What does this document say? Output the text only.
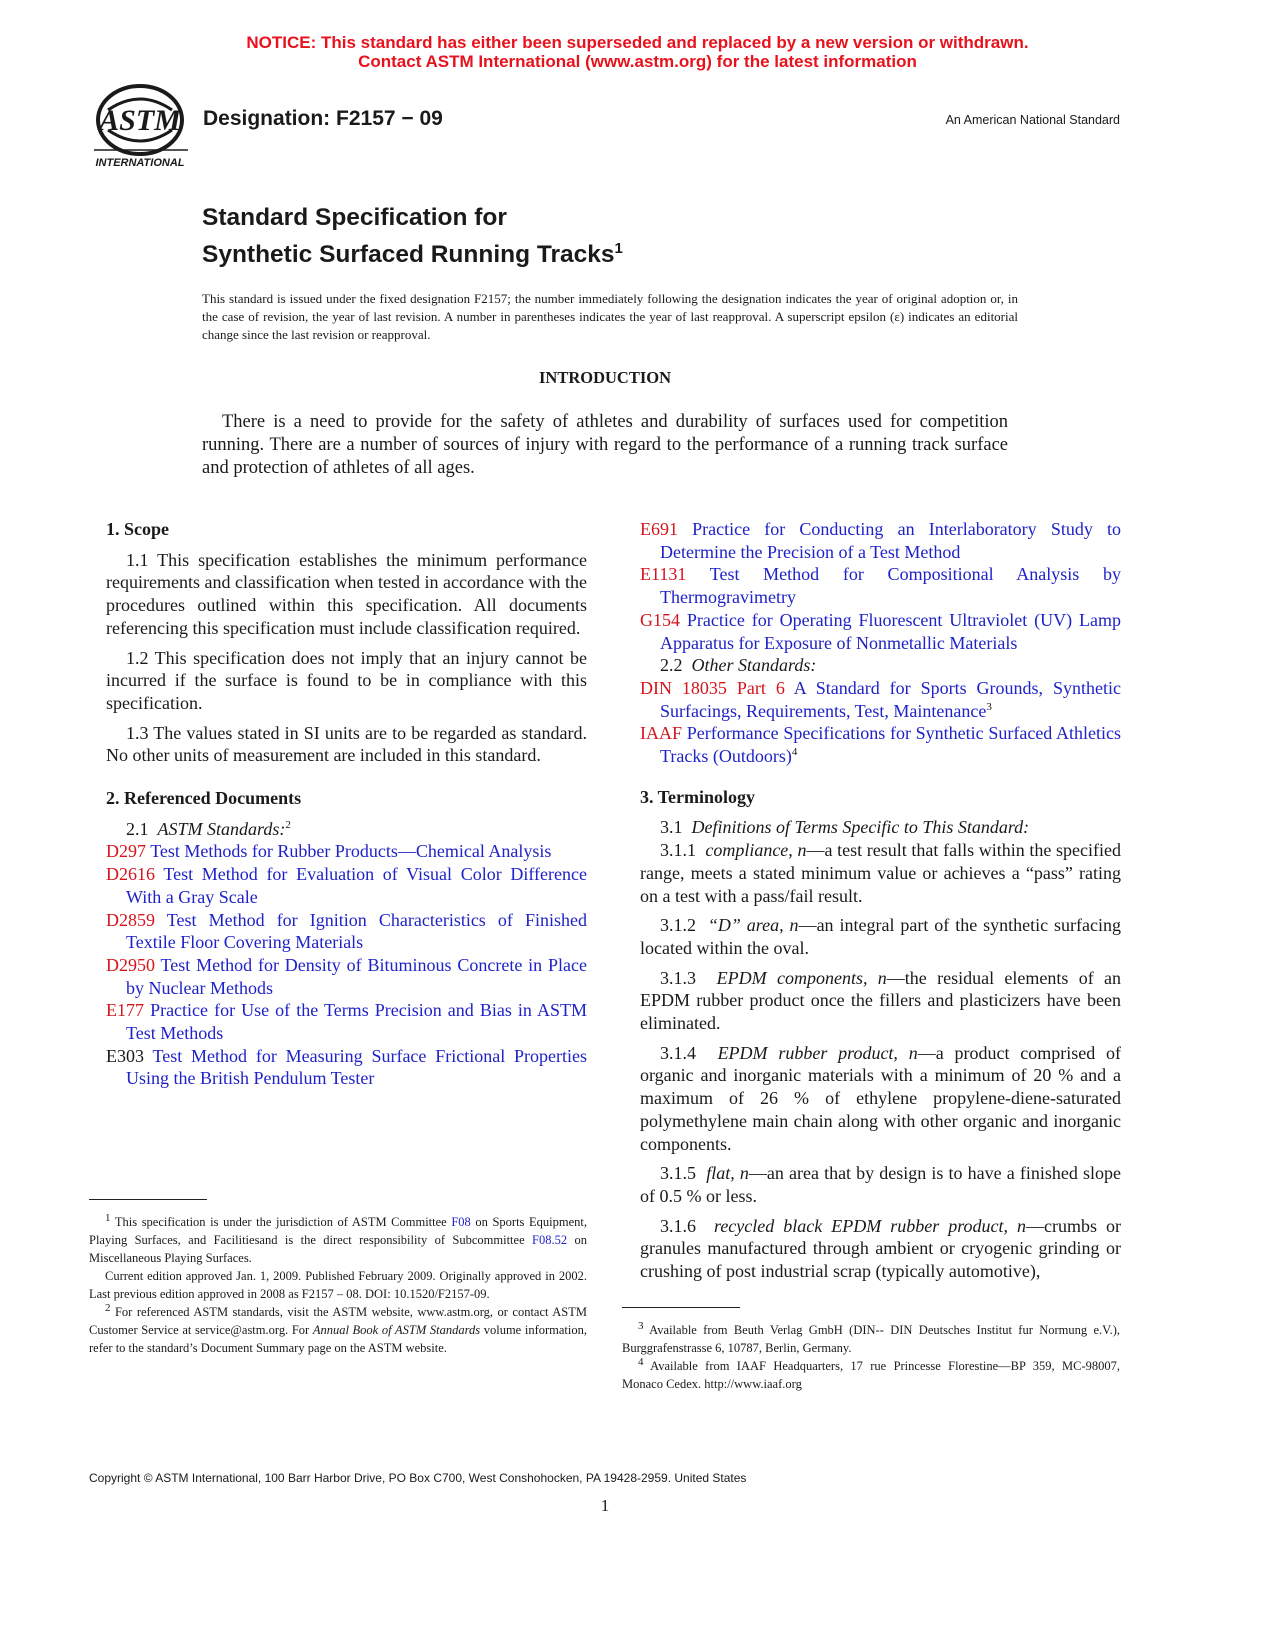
NOTICE: This standard has either been superseded and replaced by a new version or withdrawn.
Contact ASTM International (www.astm.org) for the latest information
ASTM
INTERNATIONAL
Designation: F2157 − 09	An American National Standard
Standard Specification for
Synthetic Surfaced Running Tracks$^1$
This standard is issued under the fixed designation F2157; the number immediately following the designation indicates the year of original adoption or, in the case of revision, the year of last revision. A number in parentheses indicates the year of last reapproval. A superscript epsilon (ε) indicates an editorial change since the last revision or reapproval.
INTRODUCTION
There is a need to provide for the safety of athletes and durability of surfaces used for competition running. There are a number of sources of injury with regard to the performance of a running track surface and protection of athletes of all ages.
1. Scope
1.1 This specification establishes the minimum performance requirements and classification when tested in accordance with the procedures outlined within this specification. All documents referencing this specification must include classification required.
1.2 This specification does not imply that an injury cannot be incurred if the surface is found to be in compliance with this specification.
1.3 The values stated in SI units are to be regarded as standard. No other units of measurement are included in this standard.
2. Referenced Documents
2.1 ASTM Standards:$^2$
D297 Test Methods for Rubber Products—Chemical Analysis
D2616 Test Method for Evaluation of Visual Color Difference With a Gray Scale
D2859 Test Method for Ignition Characteristics of Finished Textile Floor Covering Materials
D2950 Test Method for Density of Bituminous Concrete in Place by Nuclear Methods
E177 Practice for Use of the Terms Precision and Bias in ASTM Test Methods
E303 Test Method for Measuring Surface Frictional Properties Using the British Pendulum Tester
E691 Practice for Conducting an Interlaboratory Study to Determine the Precision of a Test Method
E1131 Test Method for Compositional Analysis by Thermogravimetry
G154 Practice for Operating Fluorescent Ultraviolet (UV) Lamp Apparatus for Exposure of Nonmetallic Materials
2.2 Other Standards:
DIN 18035 Part 6 A Standard for Sports Grounds, Synthetic Surfacings, Requirements, Test, Maintenance$^3$
IAAF Performance Specifications for Synthetic Surfaced Athletics Tracks (Outdoors)$^4$
3. Terminology
3.1 Definitions of Terms Specific to This Standard:
3.1.1 compliance, n—a test result that falls within the specified range, meets a stated minimum value or achieves a “pass” rating on a test with a pass/fail result.
3.1.2 “D” area, n—an integral part of the synthetic surfacing located within the oval.
3.1.3 EPDM components, n—the residual elements of an EPDM rubber product once the fillers and plasticizers have been eliminated.
3.1.4 EPDM rubber product, n—a product comprised of organic and inorganic materials with a minimum of 20 % and a maximum of 26 % of ethylene propylene-diene-saturated polymethylene main chain along with other organic and inorganic components.
3.1.5 flat, n—an area that by design is to have a finished slope of 0.5 % or less.
3.1.6 recycled black EPDM rubber product, n—crumbs or granules manufactured through ambient or cryogenic grinding or crushing of post industrial scrap (typically automotive),

$^1$ This specification is under the jurisdiction of ASTM Committee F08 on Sports Equipment, Playing Surfaces, and Facilitiesand is the direct responsibility of Subcommittee F08.52 on Miscellaneous Playing Surfaces.

Current edition approved Jan. 1, 2009. Published February 2009. Originally approved in 2002. Last previous edition approved in 2008 as F2157 – 08. DOI: 10.1520/F2157-09.

$^2$ For referenced ASTM standards, visit the ASTM website, www.astm.org, or contact ASTM Customer Service at service@astm.org. For Annual Book of ASTM Standards volume information, refer to the standard’s Document Summary page on the ASTM website.

$^3$ Available from Beuth Verlag GmbH (DIN-- DIN Deutsches Institut fur Normung e.V.), Burggrafenstrasse 6, 10787, Berlin, Germany.

$^4$ Available from IAAF Headquarters, 17 rue Princesse Florestine—BP 359, MC-98007, Monaco Cedex. http://www.iaaf.org

Copyright © ASTM International, 100 Barr Harbor Drive, PO Box C700, West Conshohocken, PA 19428-2959. United States
1
